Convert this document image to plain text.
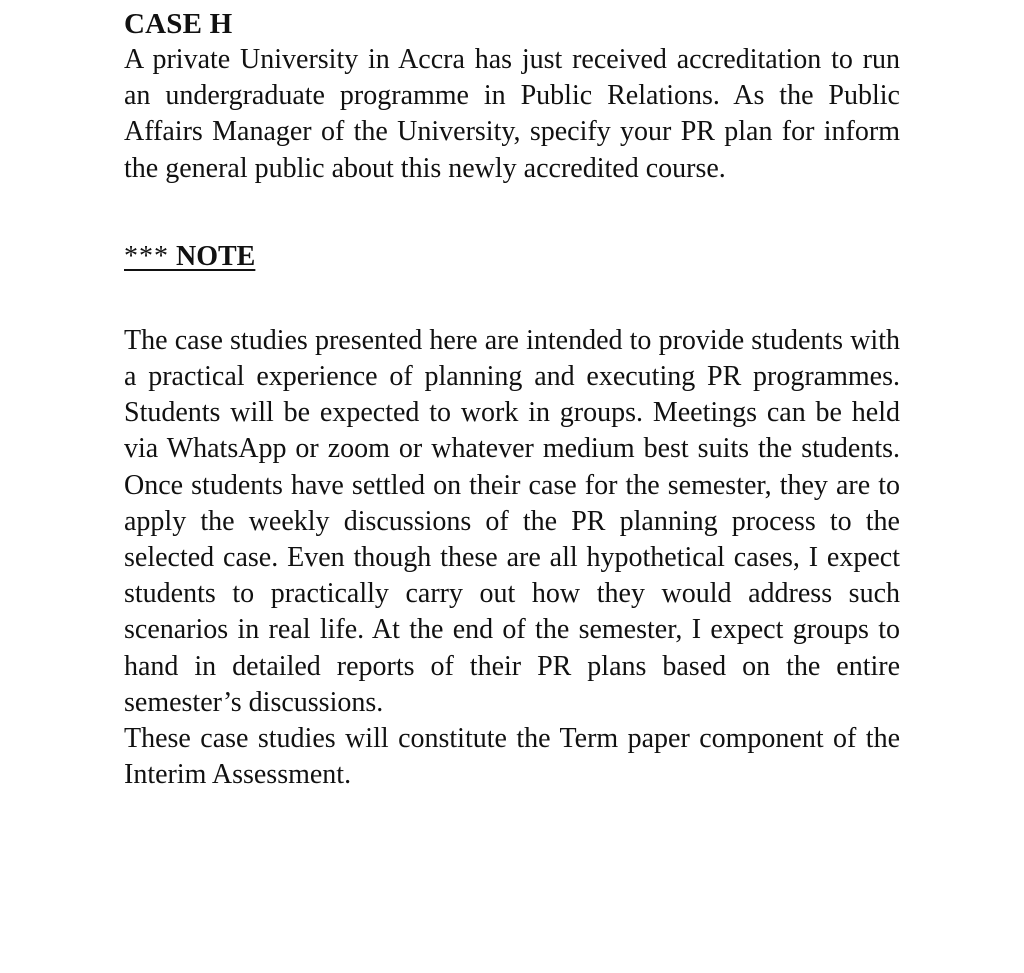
CASE H

A private University in Accra has just received accreditation to run an undergraduate programme in Public Relations. As the Public Affairs Manager of the University, specify your PR plan for inform the general public about this newly accredited course.

*** NOTE

The case studies presented here are intended to provide students with a practical experience of planning and executing PR programmes. Students will be expected to work in groups. Meetings can be held via WhatsApp or zoom or whatever medium best suits the students. Once students have settled on their case for the semester, they are to apply the weekly discussions of the PR planning process to the selected case. Even though these are all hypothetical cases, I expect students to practically carry out how they would address such scenarios in real life. At the end of the semester, I expect groups to hand in detailed reports of their PR plans based on the entire semester’s discussions.

These case studies will constitute the Term paper component of the Interim Assessment.
